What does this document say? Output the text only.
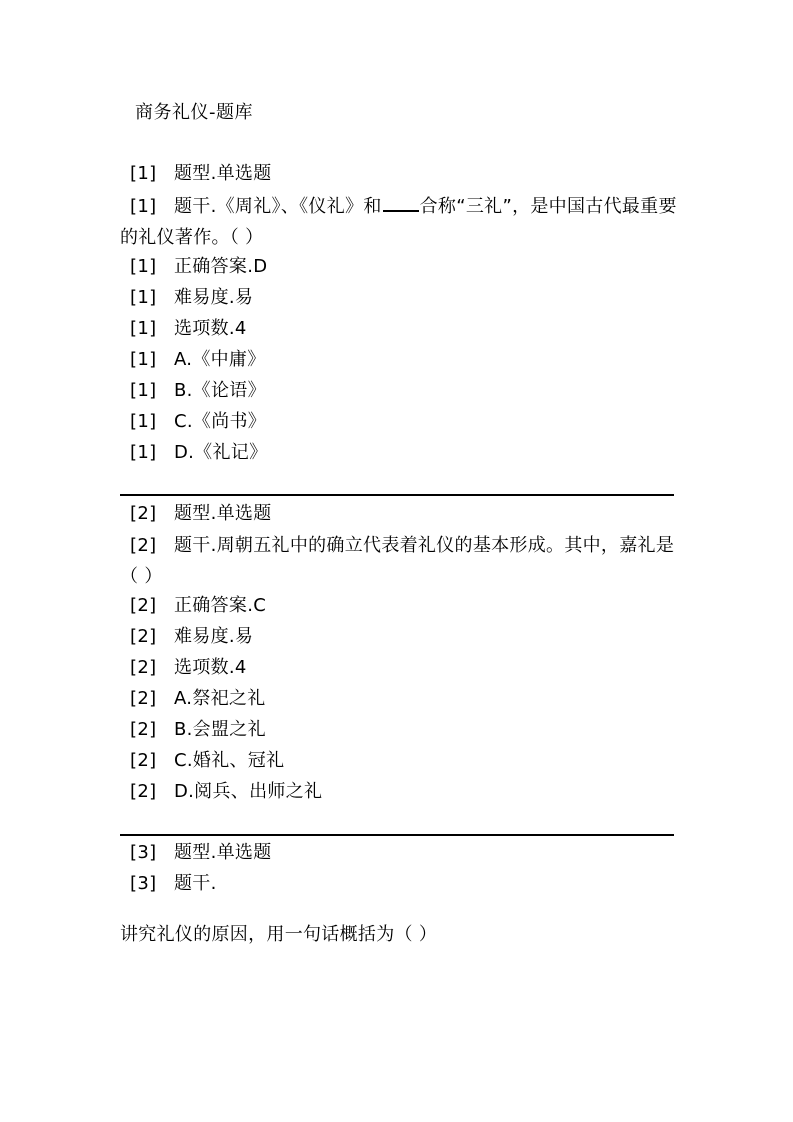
商务礼仪-题库
[1] 题型.单选题
[1] 题干.《周礼》、《仪礼》和 合称“三礼”，是中国古代最重要的礼仪著作。（ ）
[1] 正确答案.D
[1] 难易度.易
[1] 选项数.4
[1] A.《中庸》
[1] B.《论语》
[1] C.《尚书》
[1] D.《礼记》
[2] 题型.单选题
[2] 题干.周朝五礼中的确立代表着礼仪的基本形成。其中，嘉礼是（ ）
[2] 正确答案.C
[2] 难易度.易
[2] 选项数.4
[2] A.祭祀之礼
[2] B.会盟之礼
[2] C.婚礼、冠礼
[2] D.阅兵、出师之礼
[3] 题型.单选题
[3] 题干.
讲究礼仪的原因，用一句话概括为（ ）
